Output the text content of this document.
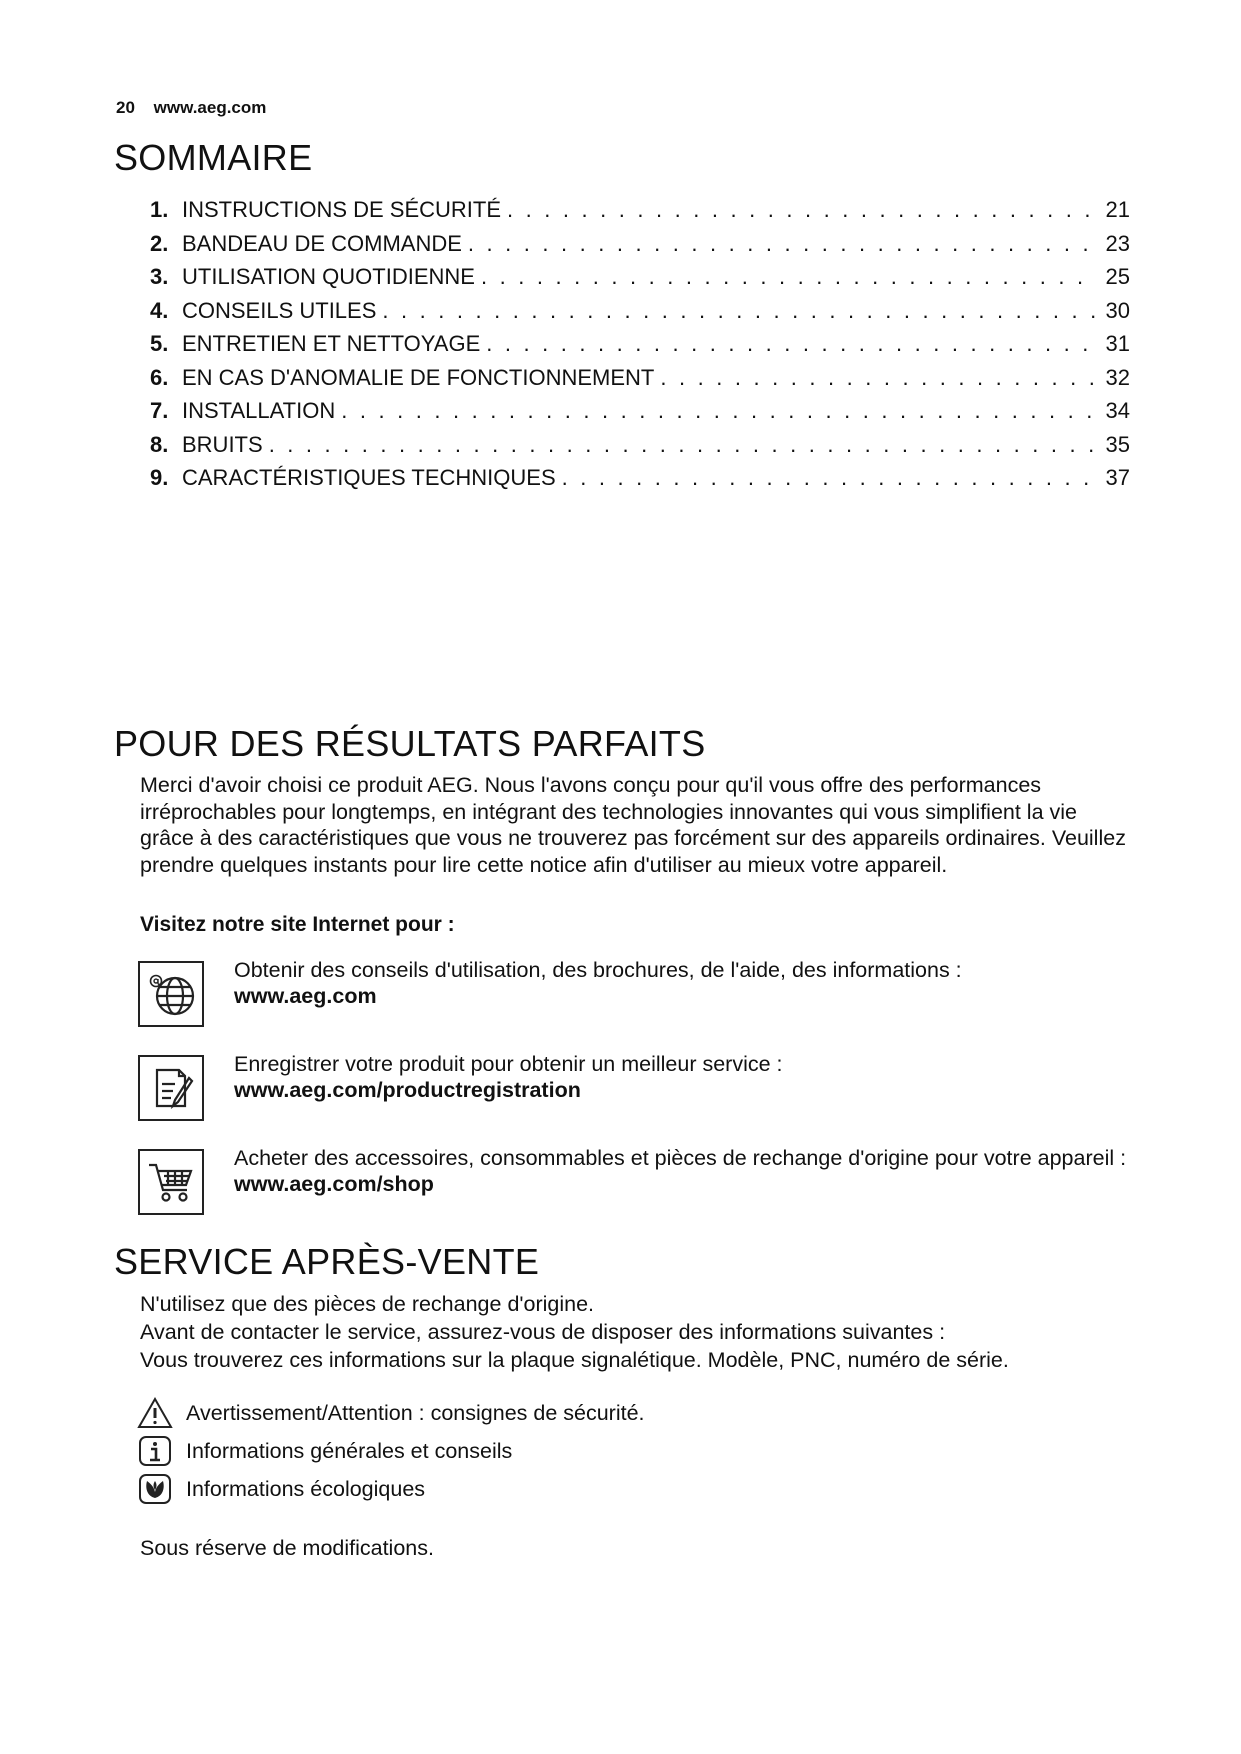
20 www.aeg.com
SOMMAIRE
1. INSTRUCTIONS DE SÉCURITÉ . . .	21
2. BANDEAU DE COMMANDE . . .	23
3. UTILISATION QUOTIDIENNE . . .	25
4. CONSEILS UTILES . . .	30
5. ENTRETIEN ET NETTOYAGE . . .	31
6. EN CAS D'ANOMALIE DE FONCTIONNEMENT . . .	32
7. INSTALLATION . . .	34
8. BRUITS . . .	35
9. CARACTÉRISTIQUES TECHNIQUES . . .	37
POUR DES RÉSULTATS PARFAITS
Merci d'avoir choisi ce produit AEG. Nous l'avons conçu pour qu'il vous offre des performances irréprochables pour longtemps, en intégrant des technologies innovantes qui vous simplifient la vie grâce à des caractéristiques que vous ne trouverez pas forcément sur des appareils ordinaires. Veuillez prendre quelques instants pour lire cette notice afin d'utiliser au mieux votre appareil.
Visitez notre site Internet pour :
Obtenir des conseils d'utilisation, des brochures, de l'aide, des informations :
www.aeg.com
Enregistrer votre produit pour obtenir un meilleur service :
www.aeg.com/productregistration
Acheter des accessoires, consommables et pièces de rechange d'origine pour votre appareil :
www.aeg.com/shop
SERVICE APRÈS-VENTE
N'utilisez que des pièces de rechange d'origine.
Avant de contacter le service, assurez-vous de disposer des informations suivantes :
Vous trouverez ces informations sur la plaque signalétique. Modèle, PNC, numéro de série.
Avertissement/Attention : consignes de sécurité.
Informations générales et conseils
Informations écologiques
Sous réserve de modifications.
